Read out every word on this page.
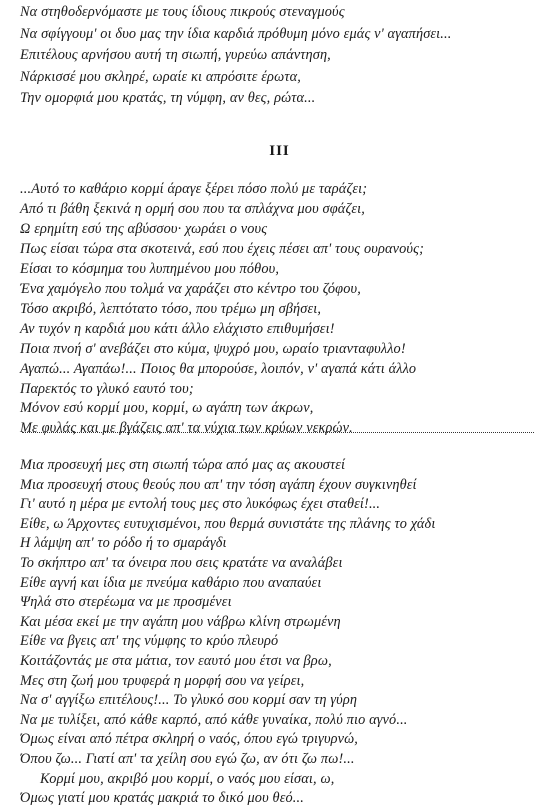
Να στηθοδερνόμαστε με τους ίδιους πικρούς στεναγμούς
Να σφίγγουμ' οι δυο μας την ίδια καρδιά πρόθυμη μόνο εμάς ν' αγαπήσει...
Επιτέλους αρνήσου αυτή τη σιωπή, γυρεύω απάντηση,
Νάρκισσέ μου σκληρέ, ωραίε κι απρόσιτε έρωτα,
Την ομορφιά μου κρατάς, τη νύμφη, αν θες, ρώτα...
III
...Αυτό το καθάριο κορμί άραγε ξέρει πόσο πολύ με ταράζει;
Από τι βάθη ξεκινά η ορμή σου που τα σπλάχνα μου σφάζει,
Ω ερημίτη εσύ της αβύσσου· χωράει ο νους
Πως είσαι τώρα στα σκοτεινά, εσύ που έχεις πέσει απ' τους ουρανούς;
Είσαι το κόσμημα του λυπημένου μου πόθου,
Ένα χαμόγελο που τολμά να χαράζει στο κέντρο του ζόφου,
Τόσο ακριβό, λεπτότατο τόσο, που τρέμω μη σβήσει,
Αν τυχόν η καρδιά μου κάτι άλλο ελάχιστο επιθυμήσει!
Ποια πνοή σ' ανεβάζει στο κύμα, ψυχρό μου, ωραίο τριανταφυλλο!
Αγαπώ... Αγαπάω!... Ποιος θα μπορούσε, λοιπόν, ν' αγαπά κάτι άλλο
Παρεκτός το γλυκό εαυτό του;
Μόνον εσύ κορμί μου, κορμί, ω αγάπη των άκρων,
Με φυλάς και με βγάζεις απ' τα νύχια των κρύων νεκρών.
Μια προσευχή μες στη σιωπή τώρα από μας ας ακουστεί
Μια προσευχή στους θεούς που απ' την τόση αγάπη έχουν συγκινηθεί
Γι' αυτό η μέρα με εντολή τους μες στο λυκόφως έχει σταθεί!...
Είθε, ω Άρχοντες ευτυχισμένοι, που θερμά συνιστάτε της πλάνης το χάδι
Η λάμψη απ' το ρόδο ή το σμαράγδι
Το σκήπτρο απ' τα όνειρα που σεις κρατάτε να αναλάβει
Είθε αγνή και ίδια με πνεύμα καθάριο που αναπαύει
Ψηλά στο στερέωμα να με προσμένει
Και μέσα εκεί με την αγάπη μου νάβρω κλίνη στρωμένη
Είθε να βγεις απ' της νύμφης το κρύο πλευρό
Κοιτάζοντάς με στα μάτια, τον εαυτό μου έτσι να βρω,
Μες στη ζωή μου τρυφερά η μορφή σου να γείρει,
Να σ' αγγίξω επιτέλους!... Το γλυκό σου κορμί σαν τη γύρη
Να με τυλίξει, από κάθε καρπό, από κάθε γυναίκα, πολύ πιο αγνό...
Όμως είναι από πέτρα σκληρή ο ναός, όπου εγώ τριγυρνώ,
Όπου ζω... Γιατί απ' τα χείλη σου εγώ ζω, αν ότι ζω πω!...
Κορμί μου, ακριβό μου κορμί, ο ναός μου είσαι, ω,
Όμως γιατί μου κρατάς μακριά το δικό μου θεό...
